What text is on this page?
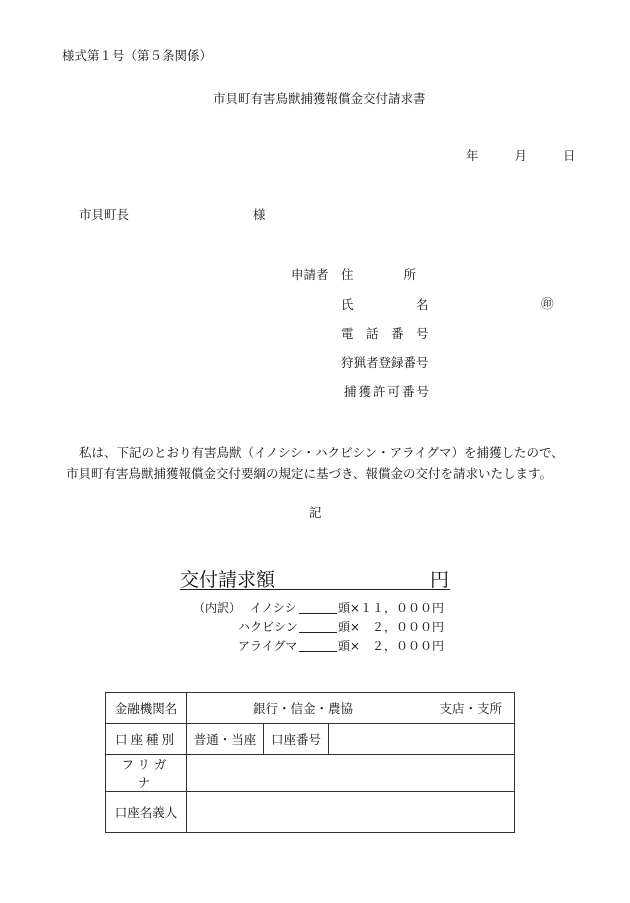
様式第１号（第５条関係）
市貝町有害鳥獣捕獲報償金交付請求書
年	月	日
市貝町長	様
申請者 住　　　　所
氏　　　　　名	㊞
電　話　番　号
狩猟者登録番号
捕獲許可番号
私は、下記のとおり有害鳥獣（イノシシ・ハクビシン・アライグマ）を捕獲したので、
市貝町有害鳥獣捕獲報償金交付要綱の規定に基づき、報償金の交付を請求いたします。
記
交付請求額	円
（内訳） イノシシ	頭×１１，０００円
ハクビシン	頭×　２，０００円
アライグマ	頭×　２，０００円
金融機関名	銀行・信金・農協 支店・支所		

口座種別	普通・当座	口座番号	
フリガナ			
口座名義人			
